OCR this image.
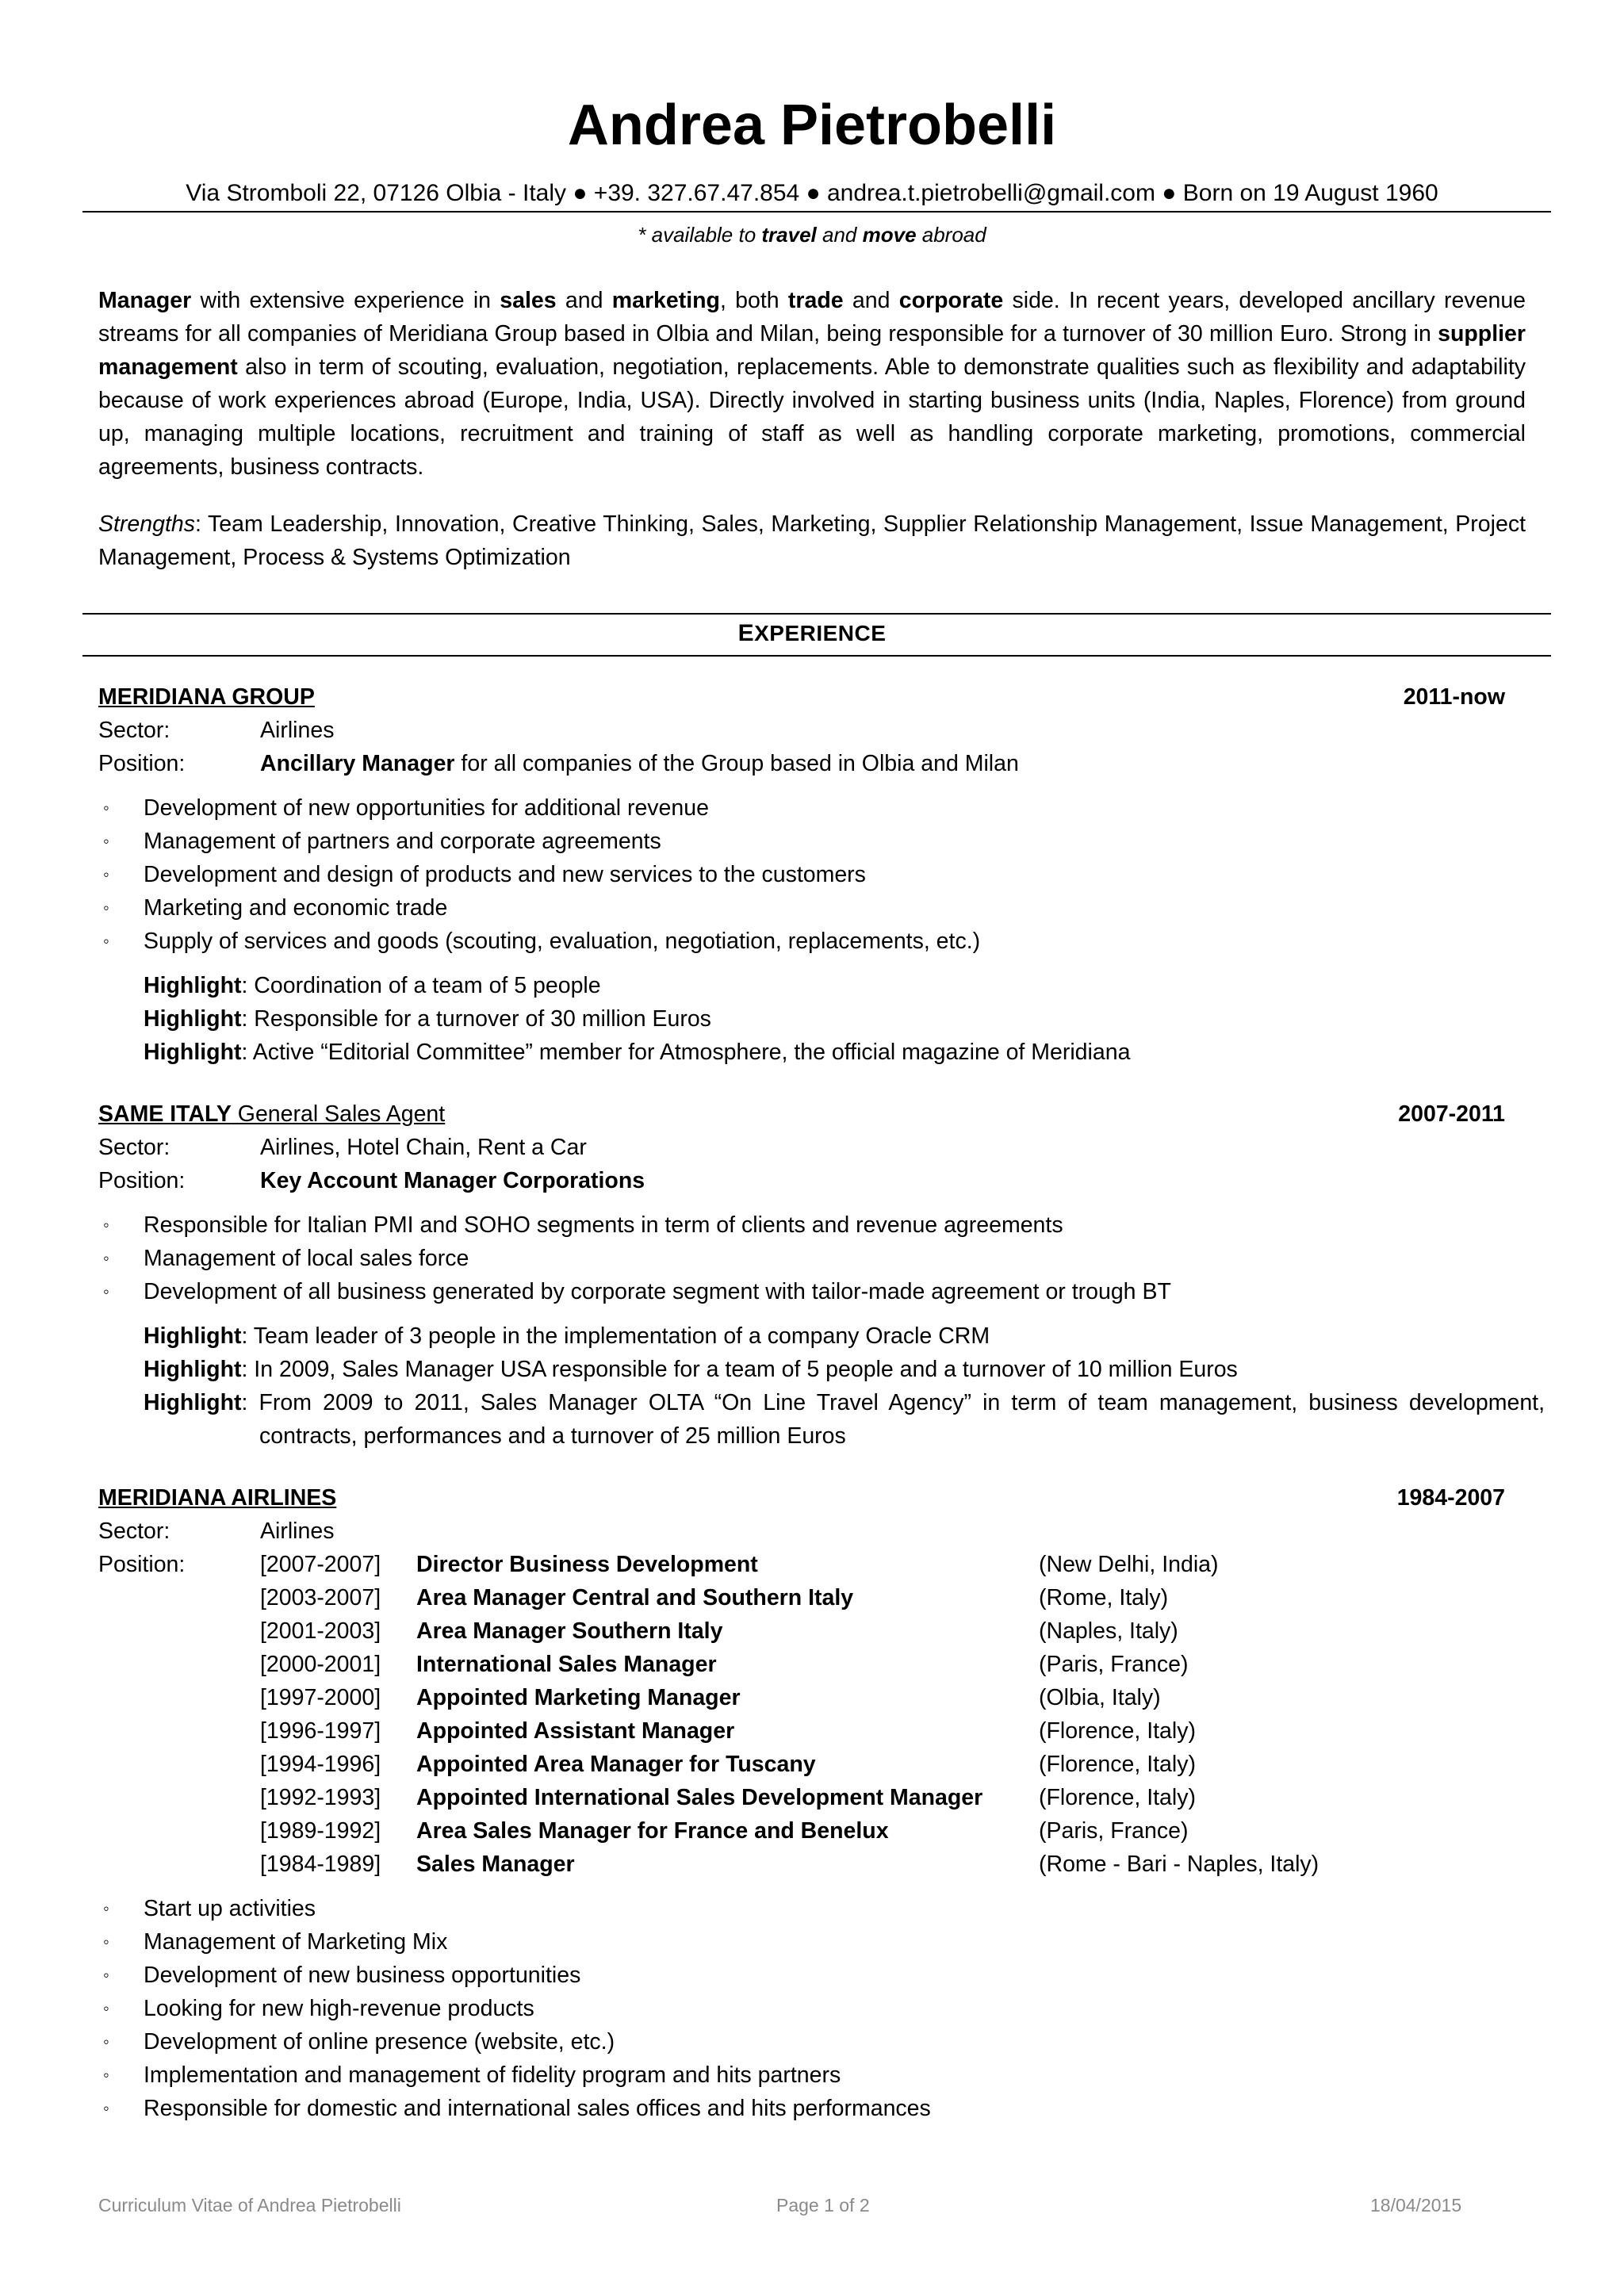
Andrea Pietrobelli
Via Stromboli 22, 07126 Olbia - Italy ● +39. 327.67.47.854 ● andrea.t.pietrobelli@gmail.com ● Born on 19 August 1960
* available to travel and move abroad
Manager with extensive experience in sales and marketing, both trade and corporate side. In recent years, developed ancillary revenue streams for all companies of Meridiana Group based in Olbia and Milan, being responsible for a turnover of 30 million Euro. Strong in supplier management also in term of scouting, evaluation, negotiation, replacements. Able to demonstrate qualities such as flexibility and adaptability because of work experiences abroad (Europe, India, USA). Directly involved in starting business units (India, Naples, Florence) from ground up, managing multiple locations, recruitment and training of staff as well as handling corporate marketing, promotions, commercial agreements, business contracts.
Strengths: Team Leadership, Innovation, Creative Thinking, Sales, Marketing, Supplier Relationship Management, Issue Management, Project Management, Process & Systems Optimization
EXPERIENCE
MERIDIANA GROUP	2011-now
Sector:	Airlines
Position:	Ancillary Manager for all companies of the Group based in Olbia and Milan
◦ Development of new opportunities for additional revenue
◦ Management of partners and corporate agreements
◦ Development and design of products and new services to the customers
◦ Marketing and economic trade
◦ Supply of services and goods (scouting, evaluation, negotiation, replacements, etc.)
Highlight: Coordination of a team of 5 people
Highlight: Responsible for a turnover of 30 million Euros
Highlight: Active “Editorial Committee” member for Atmosphere, the official magazine of Meridiana
SAME ITALY General Sales Agent	2007-2011
Sector:	Airlines, Hotel Chain, Rent a Car
Position:	Key Account Manager Corporations
◦ Responsible for Italian PMI and SOHO segments in term of clients and revenue agreements
◦ Management of local sales force
◦ Development of all business generated by corporate segment with tailor-made agreement or trough BT
Highlight: Team leader of 3 people in the implementation of a company Oracle CRM
Highlight: In 2009, Sales Manager USA responsible for a team of 5 people and a turnover of 10 million Euros
Highlight: From 2009 to 2011, Sales Manager OLTA “On Line Travel Agency” in term of team management, business development, contracts, performances and a turnover of 25 million Euros
MERIDIANA AIRLINES	1984-2007
Sector:	Airlines
Position:	[2007-2007] Director Business Development	(New Delhi, India)
[2003-2007] Area Manager Central and Southern Italy	(Rome, Italy)
[2001-2003] Area Manager Southern Italy	(Naples, Italy)
[2000-2001] International Sales Manager	(Paris, France)
[1997-2000] Appointed Marketing Manager	(Olbia, Italy)
[1996-1997] Appointed Assistant Manager	(Florence, Italy)
[1994-1996] Appointed Area Manager for Tuscany	(Florence, Italy)
[1992-1993] Appointed International Sales Development Manager (Florence, Italy)
[1989-1992] Area Sales Manager for France and Benelux	(Paris, France)
[1984-1989] Sales Manager	(Rome - Bari - Naples, Italy)
◦ Start up activities
◦ Management of Marketing Mix
◦ Development of new business opportunities
◦ Looking for new high-revenue products
◦ Development of online presence (website, etc.)
◦ Implementation and management of fidelity program and hits partners
◦ Responsible for domestic and international sales offices and hits performances
Curriculum Vitae of Andrea Pietrobelli	Page 1 of 2	18/04/2015
